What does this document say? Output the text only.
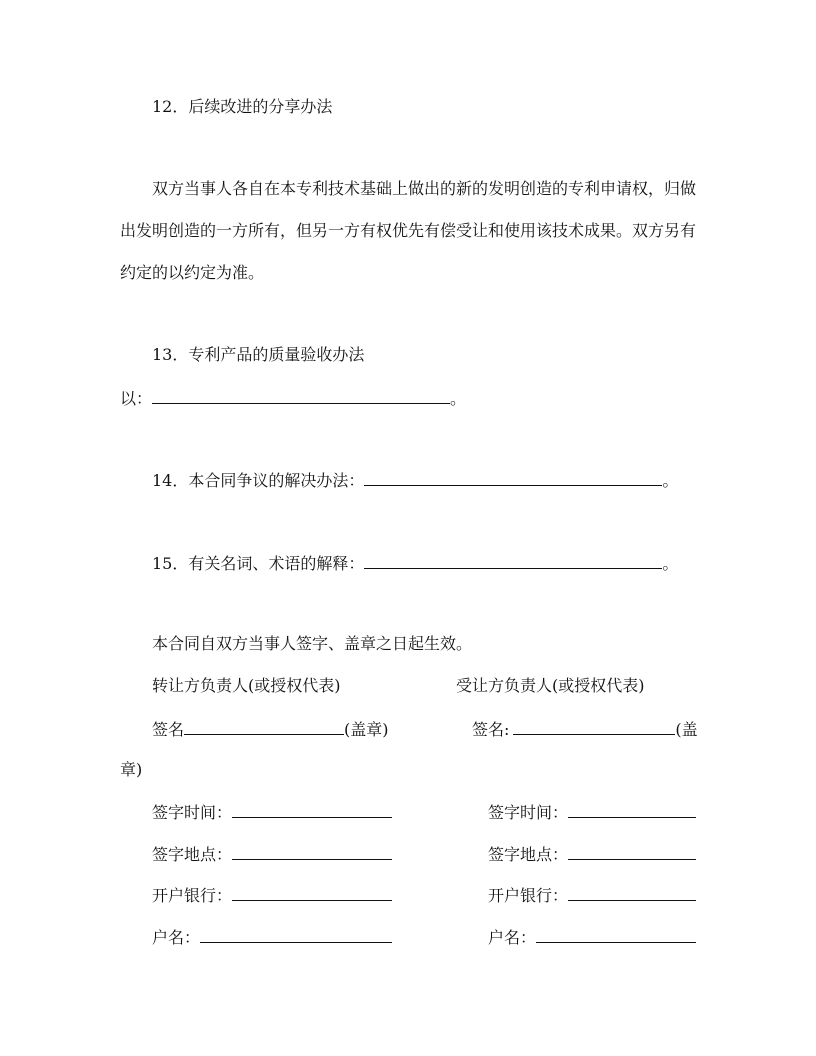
12．后续改进的分享办法
双方当事人各自在本专利技术基础上做出的新的发明创造的专利申请权，归做
出发明创造的一方所有，但另一方有权优先有偿受让和使用该技术成果。双方另有
约定的以约定为准。
13．专利产品的质量验收办法
以：	。
14．本合同争议的解决办法：	。
15．有关名词、术语的解释：	。
本合同自双方当事人签字、盖章之日起生效。
转让方负责人(或授权代表)	受让方负责人(或授权代表)
签名	(盖章)	签名:	(盖
章)
签字时间：	签字时间：
签字地点：	签字地点：
开户银行：	开户银行：
户名：	户名：
